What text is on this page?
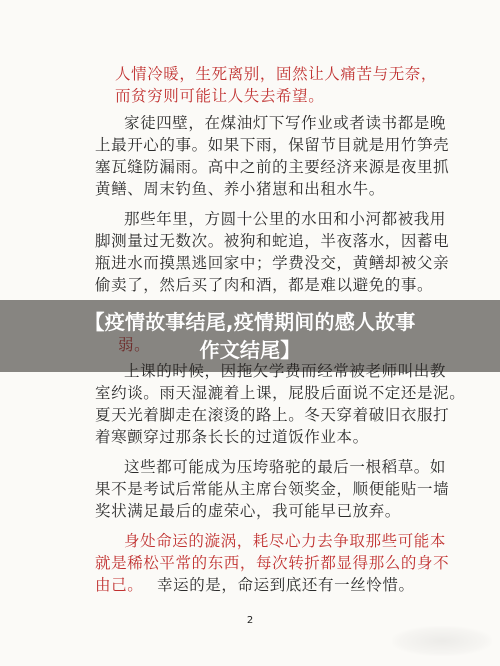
人情冷暖，生死离别，固然让人痛苦与无奈，
而贫穷则可能让人失去希望。
家徒四壁，在煤油灯下写作业或者读书都是晚
上最开心的事。如果下雨，保留节目就是用竹笋壳
塞瓦缝防漏雨。高中之前的主要经济来源是夜里抓
黄鳝、周末钓鱼、养小猪崽和出租水牛。
那些年里，方圆十公里的水田和小河都被我用
脚测量过无数次。被狗和蛇追，半夜落水，因蓄电
瓶进水而摸黑逃回家中；学费没交，黄鳝却被父亲
偷卖了，然后买了肉和酒，都是难以避免的事。
室约谈。雨天湿漉着上课，屁股后面说不定还是泥。
夏天光着脚走在滚烫的路上。冬天穿着破旧衣服打
着寒颤穿过那条长长的过道饭作业本。
这些都可能成为压垮骆驼的最后一根稻草。如
果不是考试后常能从主席台领奖金，顺便能贴一墙
奖状满足最后的虚荣心，我可能早已放弃。
身处命运的漩涡，耗尽心力去争取那些可能本
就是稀松平常的东西，每次转折都显得那么的身不
由己。 幸运的是，命运到底还有一丝怜惜。
【疫情故事结尾,疫情期间的感人故事
作文结尾】
2
